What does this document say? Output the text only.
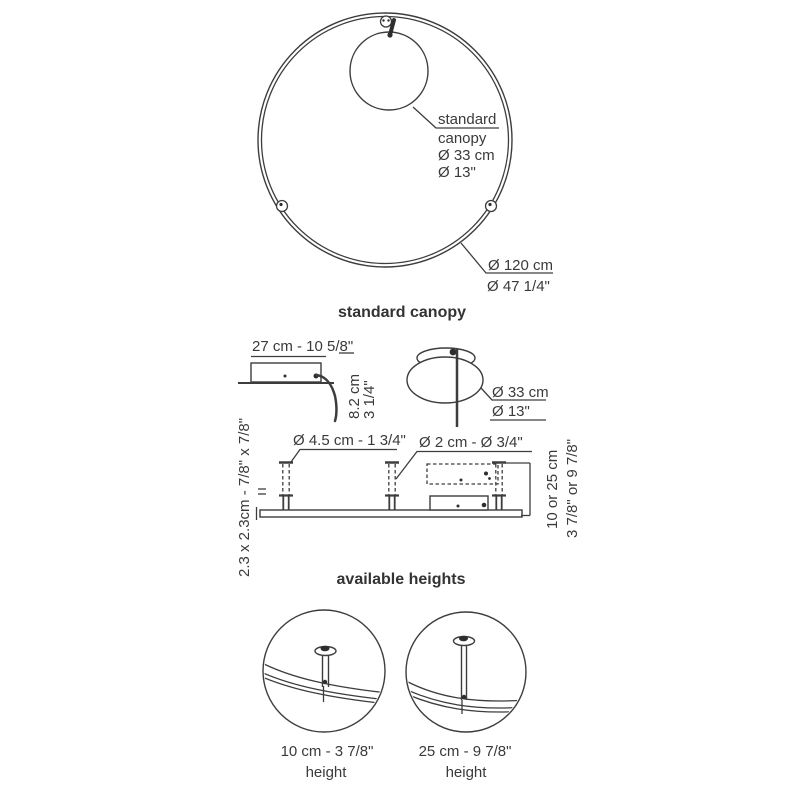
standard
canopy
Ø 33 cm
Ø 13"
Ø 120 cm
Ø 47 1/4"
standard canopy
27 cm - 10 5/8"
8.2 cm
3 1/4"	Ø 33 cm
Ø 13"
Ø 4.5 cm - 1 3/4" Ø 2 cm - Ø 3/4"
2.3 x 2.3cm - 7/8" x 7/8"	10 or 25 cm 3 7/8" or 9 7/8"
available heights
10 cm - 3 7/8"
height
25 cm - 9 7/8"
height
